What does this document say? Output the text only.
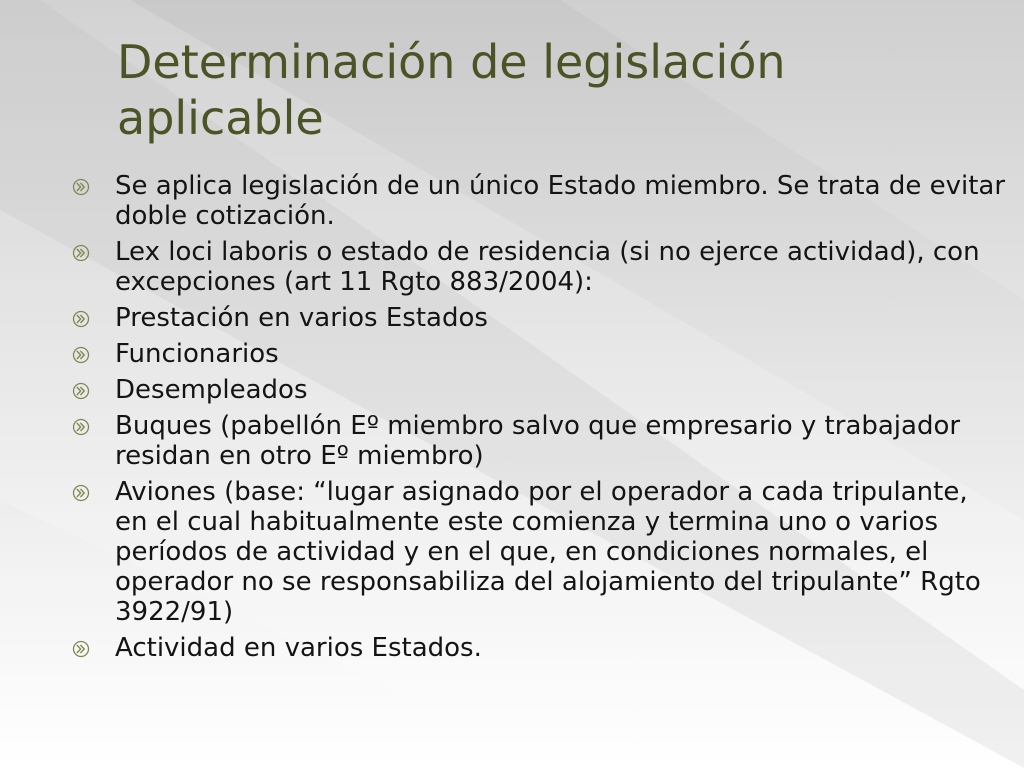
Determinación de legislación aplicable
Se aplica legislación de un único Estado miembro. Se trata de evitar doble cotización.
Lex loci laboris o estado de residencia (si no ejerce actividad), con excepciones (art 11 Rgto 883/2004):
Prestación en varios Estados
Funcionarios
Desempleados
Buques (pabellón Eº miembro salvo que empresario y trabajador residan en otro Eº miembro)
Aviones (base: “lugar asignado por el operador a cada tripulante, en el cual habitualmente este comienza y termina uno o varios períodos de actividad y en el que, en condiciones normales, el operador no se responsabiliza del alojamiento del tripulante” Rgto 3922/91)
Actividad en varios Estados.
